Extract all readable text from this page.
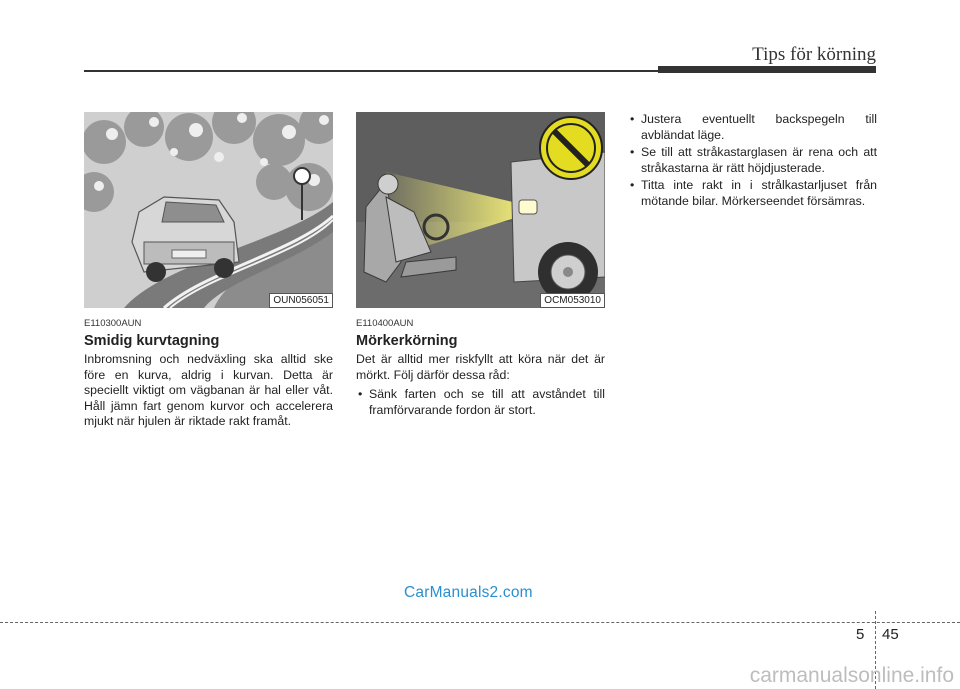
Tips för körning
OUN056051
E110300AUN
Smidig kurvtagning
Inbromsning och nedväxling ska alltid ske före en kurva, aldrig i kurvan. Detta är speciellt viktigt om vägbanan är hal eller våt. Håll jämn fart genom kurvor och accelerera mjukt när hjulen är riktade rakt framåt.
OCM053010
E110400AUN
Mörkerkörning
Det är alltid mer riskfyllt att köra när det är mörkt. Följ därför dessa råd:
• Sänk farten och se till att avståndet till framförvarande fordon är stort.
• Justera eventuellt backspegeln till avbländat läge.
• Se till att stråkastarglasen är rena och att stråkastarna är rätt höjdjusterade.
• Titta inte rakt in i strålkastarljuset från mötande bilar. Mörkerseendet försämras.
CarManuals2.com
5 45
carmanualsonline.info
